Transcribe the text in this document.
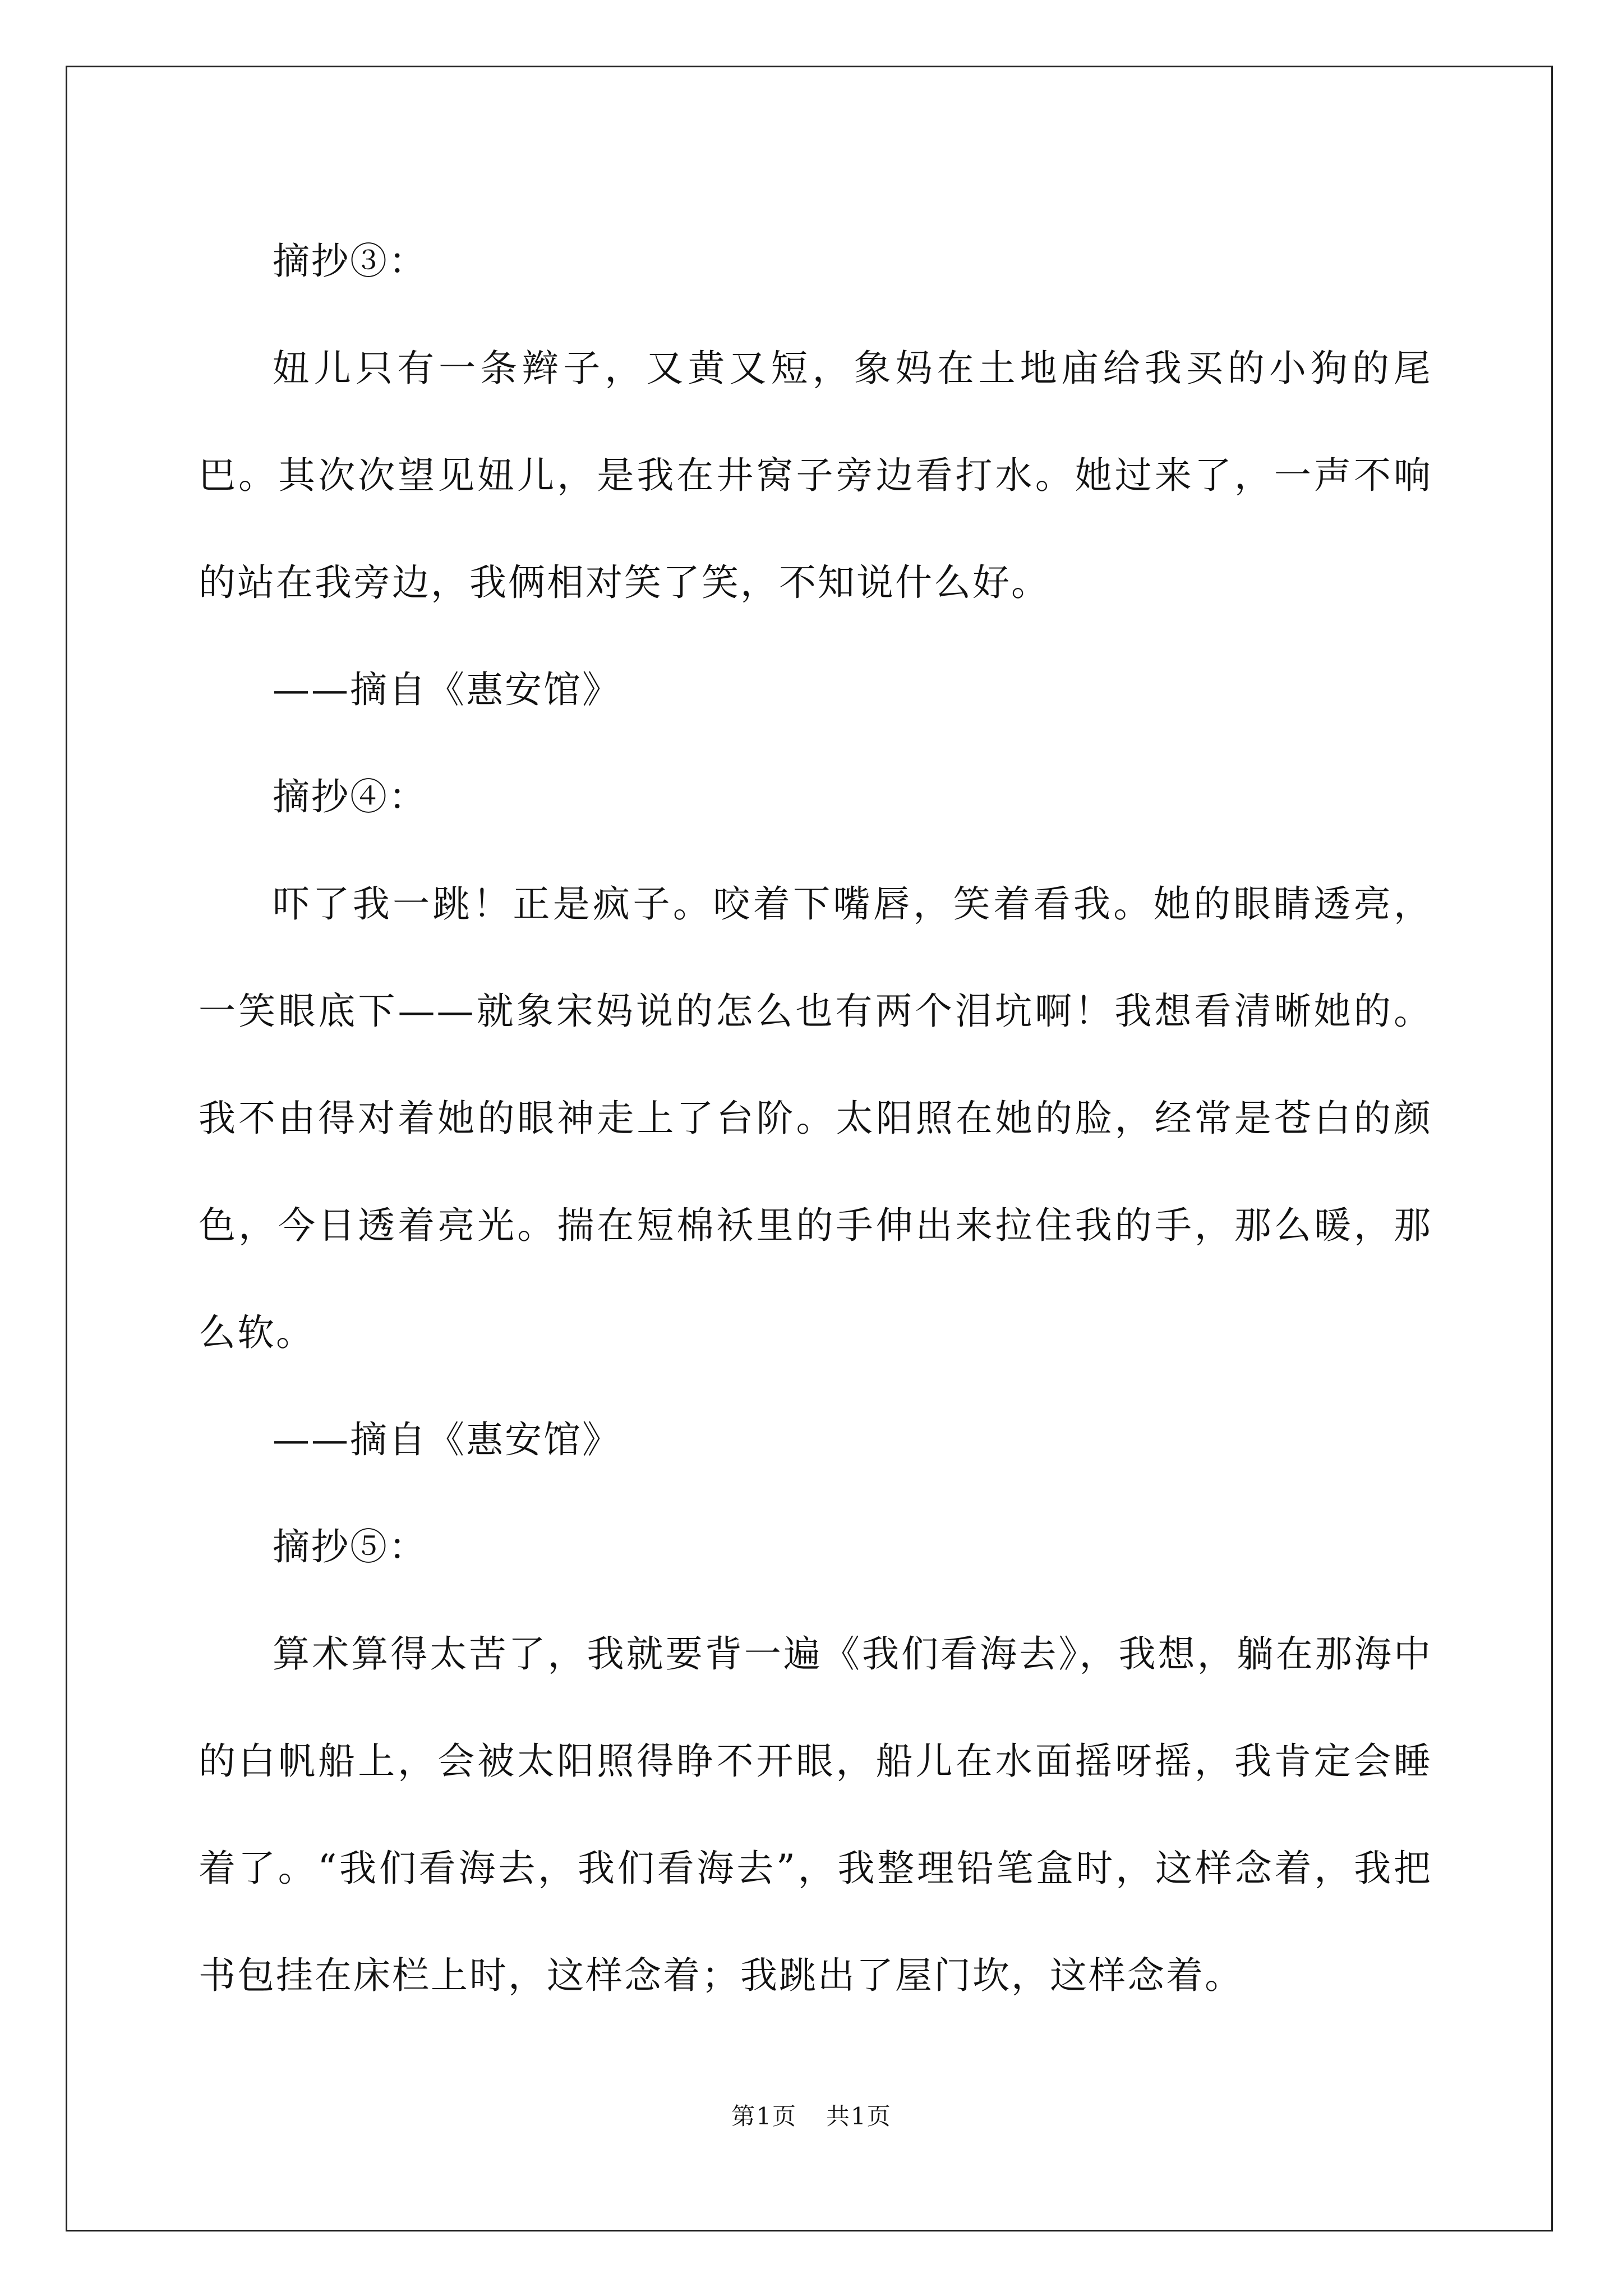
摘抄③：

妞儿只有一条辫子，又黄又短，象妈在土地庙给我买的小狗的尾巴。其次次望见妞儿，是我在井窝子旁边看打水。她过来了，一声不响的站在我旁边，我俩相对笑了笑，不知说什么好。

——摘自《惠安馆》

摘抄④：

吓了我一跳！正是疯子。咬着下嘴唇，笑着看我。她的眼睛透亮，一笑眼底下——就象宋妈说的怎么也有两个泪坑啊！我想看清晰她的。我不由得对着她的眼神走上了台阶。太阳照在她的脸，经常是苍白的颜色，今日透着亮光。揣在短棉袄里的手伸出来拉住我的手，那么暖，那么软。

——摘自《惠安馆》

摘抄⑤：

算术算得太苦了，我就要背一遍《我们看海去》，我想，躺在那海中的白帆船上，会被太阳照得睁不开眼，船儿在水面摇呀摇，我肯定会睡着了。“我们看海去，我们看海去”，我整理铅笔盒时，这样念着，我把书包挂在床栏上时，这样念着；我跳出了屋门坎，这样念着。

第1页 共1页
